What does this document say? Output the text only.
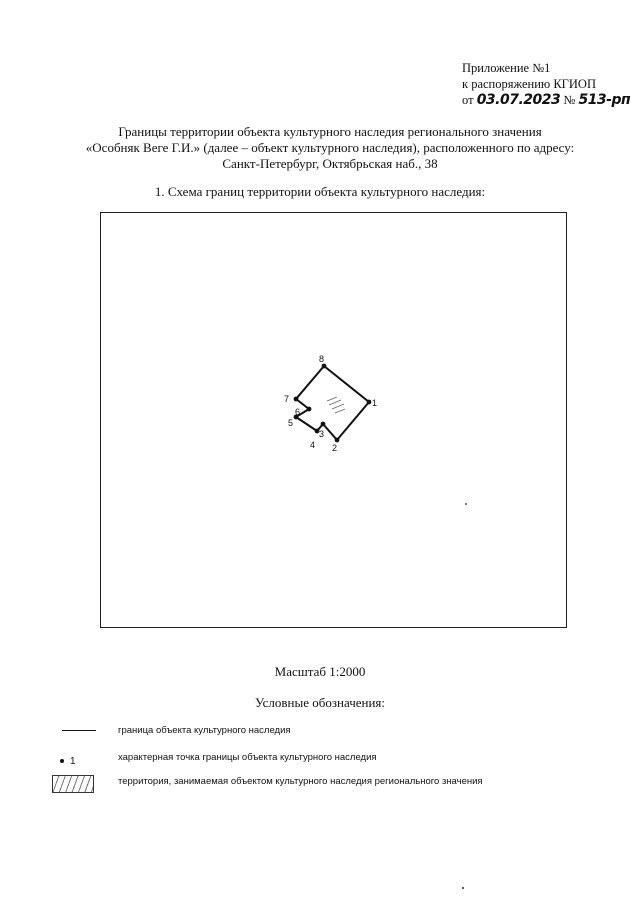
Приложение №1
к распоряжению КГИОП
от 03.07.2023 № 513-рп
Границы территории объекта культурного наследия регионального значения
«Особняк Веге Г.И.» (далее – объект культурного наследия), расположенного по адресу:
Санкт-Петербург, Октябрьская наб., 38
1. Схема границ территории объекта культурного наследия:
1
2
3
4
5
6
7
8
Масштаб 1:2000
Условные обозначения:
граница объекта культурного наследия
1	характерная точка границы объекта культурного наследия
территория, занимаемая объектом культурного наследия регионального значения
